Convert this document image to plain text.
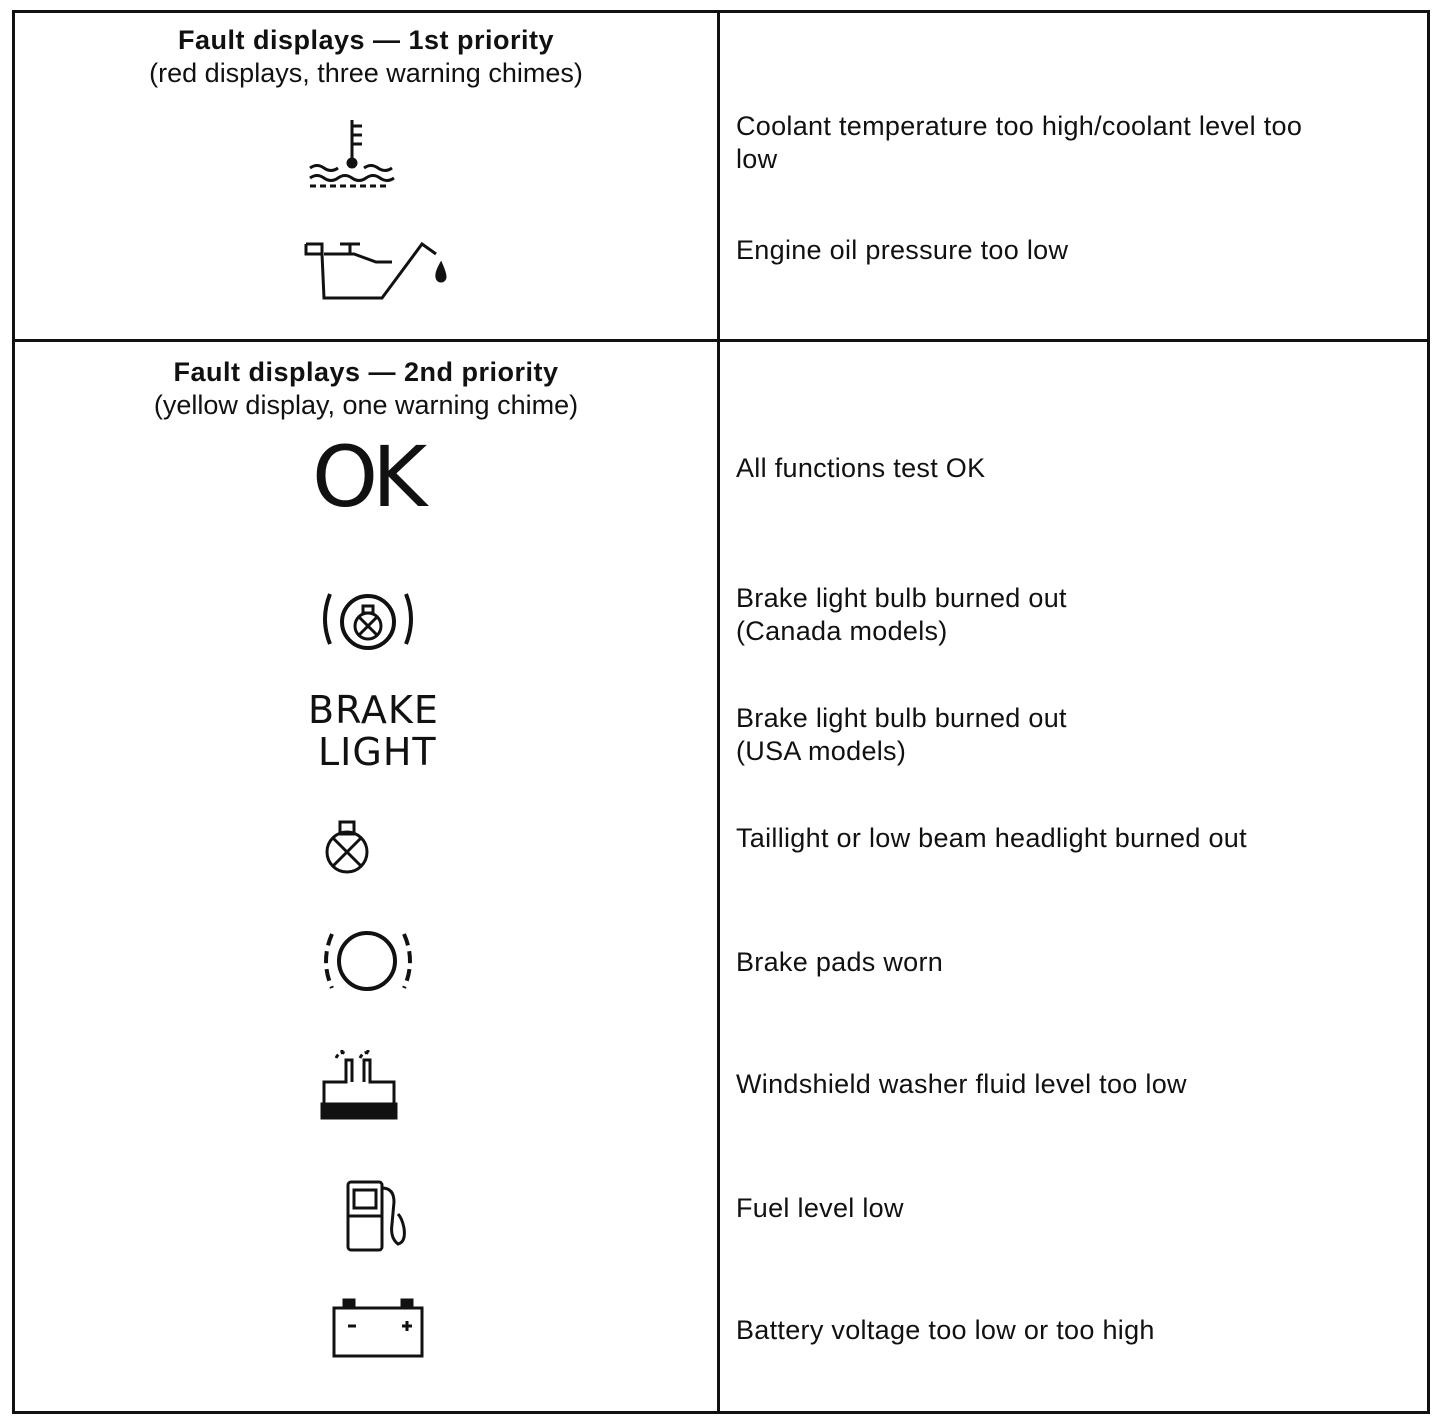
Fault displays — 1st priority
(red displays, three warning chimes)
Coolant temperature too high/coolant level too
low
Engine oil pressure too low
Fault displays — 2nd priority
(yellow display, one warning chime)
OK	All functions test OK
Brake light bulb burned out
(Canada models)
BRAKE
LIGHT
Brake light bulb burned out
(USA models)
Taillight or low beam headlight burned out
Brake pads worn
Windshield washer fluid level too low
Fuel level low
Battery voltage too low or too high
